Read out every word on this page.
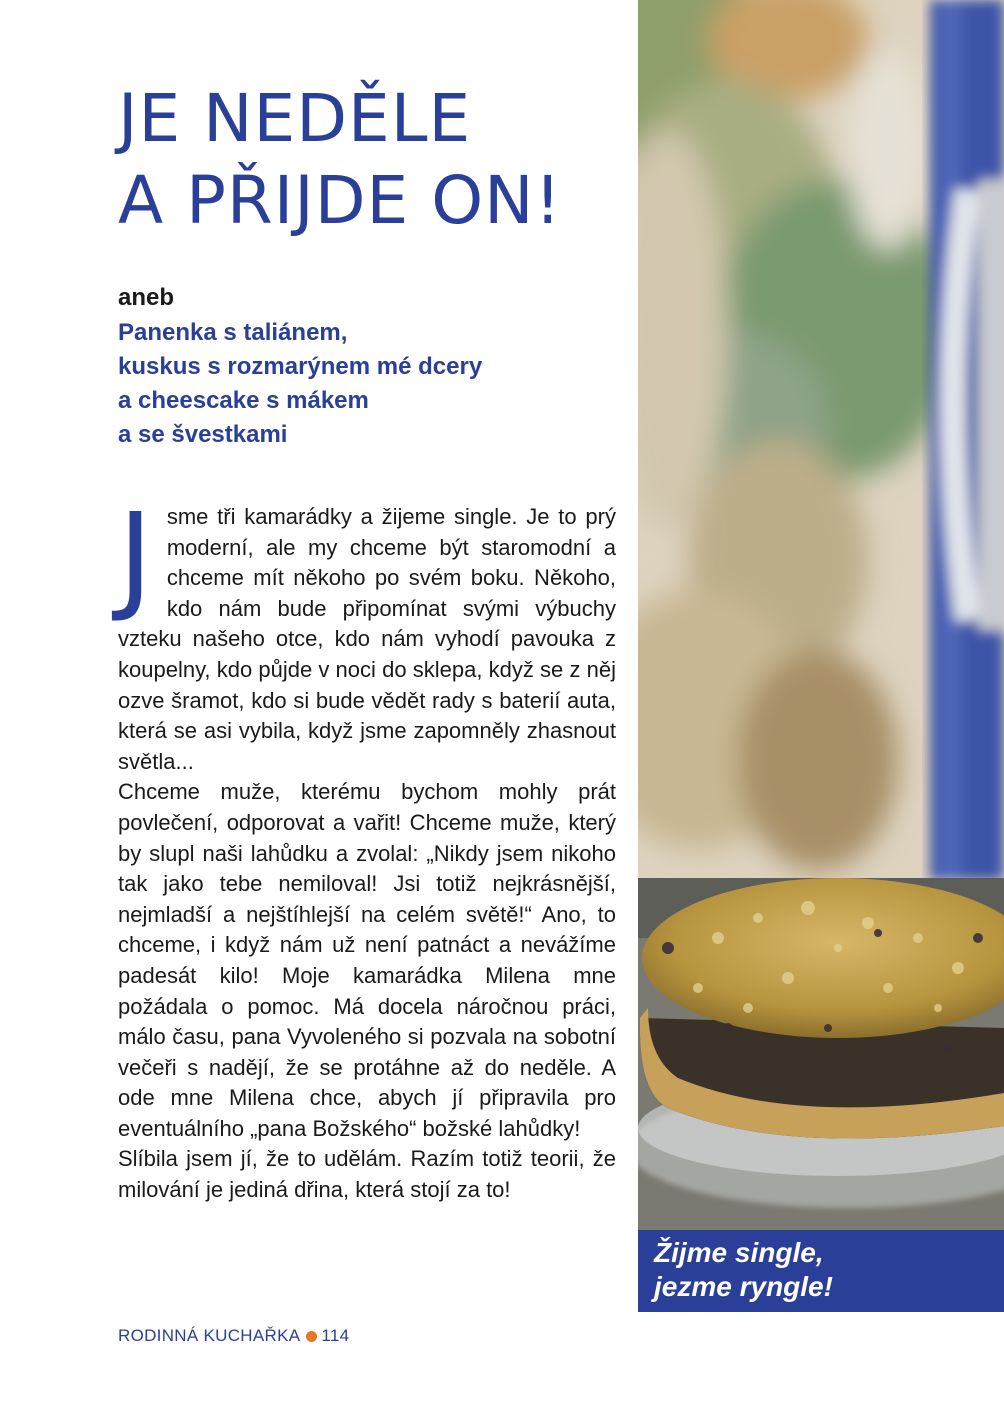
JE NEDĚLE
A PŘIJDE ON!
aneb
Panenka s taliánem,
kuskus s rozmarýnem mé dcery
a cheescake s mákem
a se švestkami
J sme tři kamarádky a žijeme single. Je to prý moderní, ale my chceme být staromodní a chceme mít někoho po svém boku. Někoho, kdo nám bude připomínat svými výbuchy vzteku našeho otce, kdo nám vyhodí pavouka z koupelny, kdo půjde v noci do sklepa, když se z něj ozve šramot, kdo si bude vědět rady s baterií auta, která se asi vybila, když jsme zapomněly zhasnout světla...

Chceme muže, kterému bychom mohly prát povlečení, odporovat a vařit! Chceme muže, který by slupl naši lahůdku a zvolal: „Nikdy jsem nikoho tak jako tebe nemiloval! Jsi totiž nejkrásnější, nejmladší a nejštíhlejší na celém světě!“ Ano, to chceme, i když nám už není patnáct a nevážíme padesát kilo! Moje kamarádka Milena mne požádala o pomoc. Má docela náročnou práci, málo času, pana Vyvoleného si pozvala na sobotní večeři s nadějí, že se protáhne až do neděle. A ode mne Milena chce, abych jí připravila pro eventuálního „pana Božského“ božské lahůdky!

Slíbila jsem jí, že to udělám. Razím totiž teorii, že milování je jediná dřina, která stojí za to!

RODINNÁ KUCHAŘKA 114
Žijme single,
jezme ryngle!
